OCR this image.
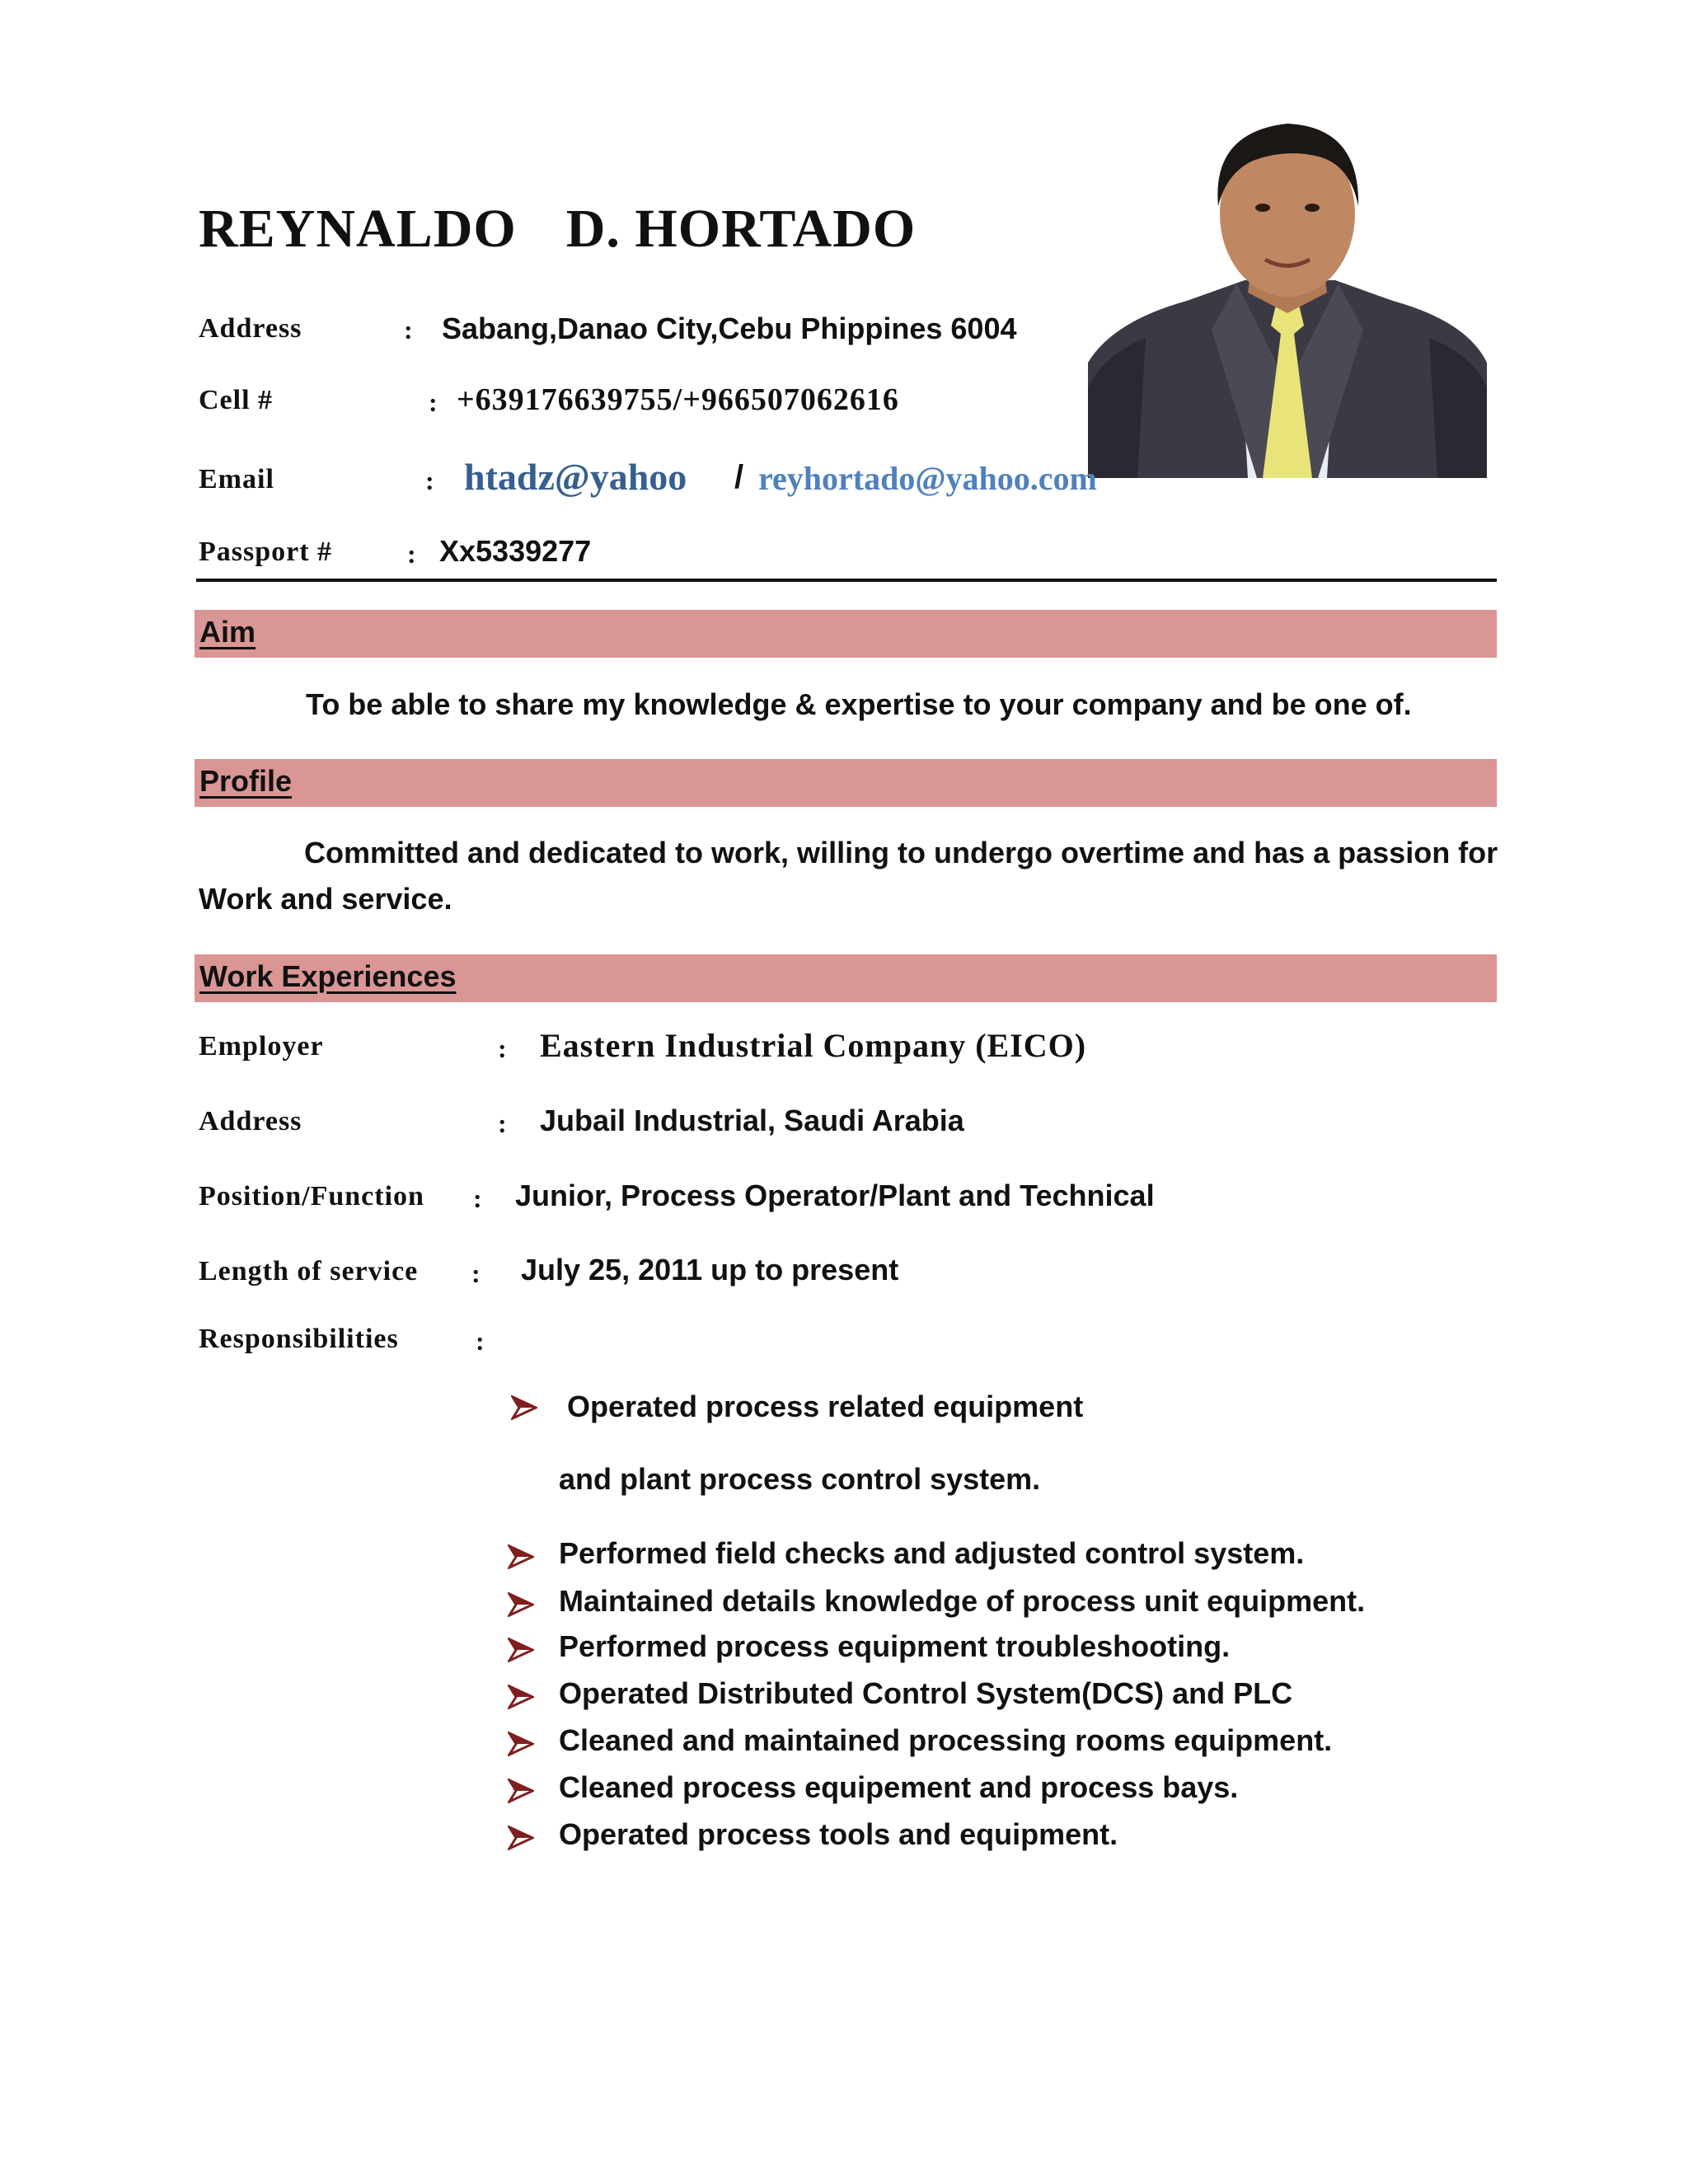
REYNALDO D. HORTADO
Address	: Sabang,Danao City,Cebu Phippines 6004
Cell #	: +639176639755/+966507062616
Email	: htadz@yahoo / reyhortado@yahoo.com
Passport #	: Xx5339277
Aim
To be able to share my knowledge & expertise to your company and be one of.
Profile
Committed and dedicated to work, willing to undergo overtime and has a passion for
Work and service.
Work Experiences
Employer	: Eastern Industrial Company (EICO)
Address	: Jubail Industrial, Saudi Arabia
Position/Function : Junior, Process Operator/Plant and Technical
Length of service : July 25, 2011 up to present
Responsibilities	:
Operated process related equipment
and plant process control system.
Performed field checks and adjusted control system.
Maintained details knowledge of process unit equipment.
Performed process equipment troubleshooting.
Operated Distributed Control System(DCS) and PLC
Cleaned and maintained processing rooms equipment.
Cleaned process equipement and process bays.
Operated process tools and equipment.
